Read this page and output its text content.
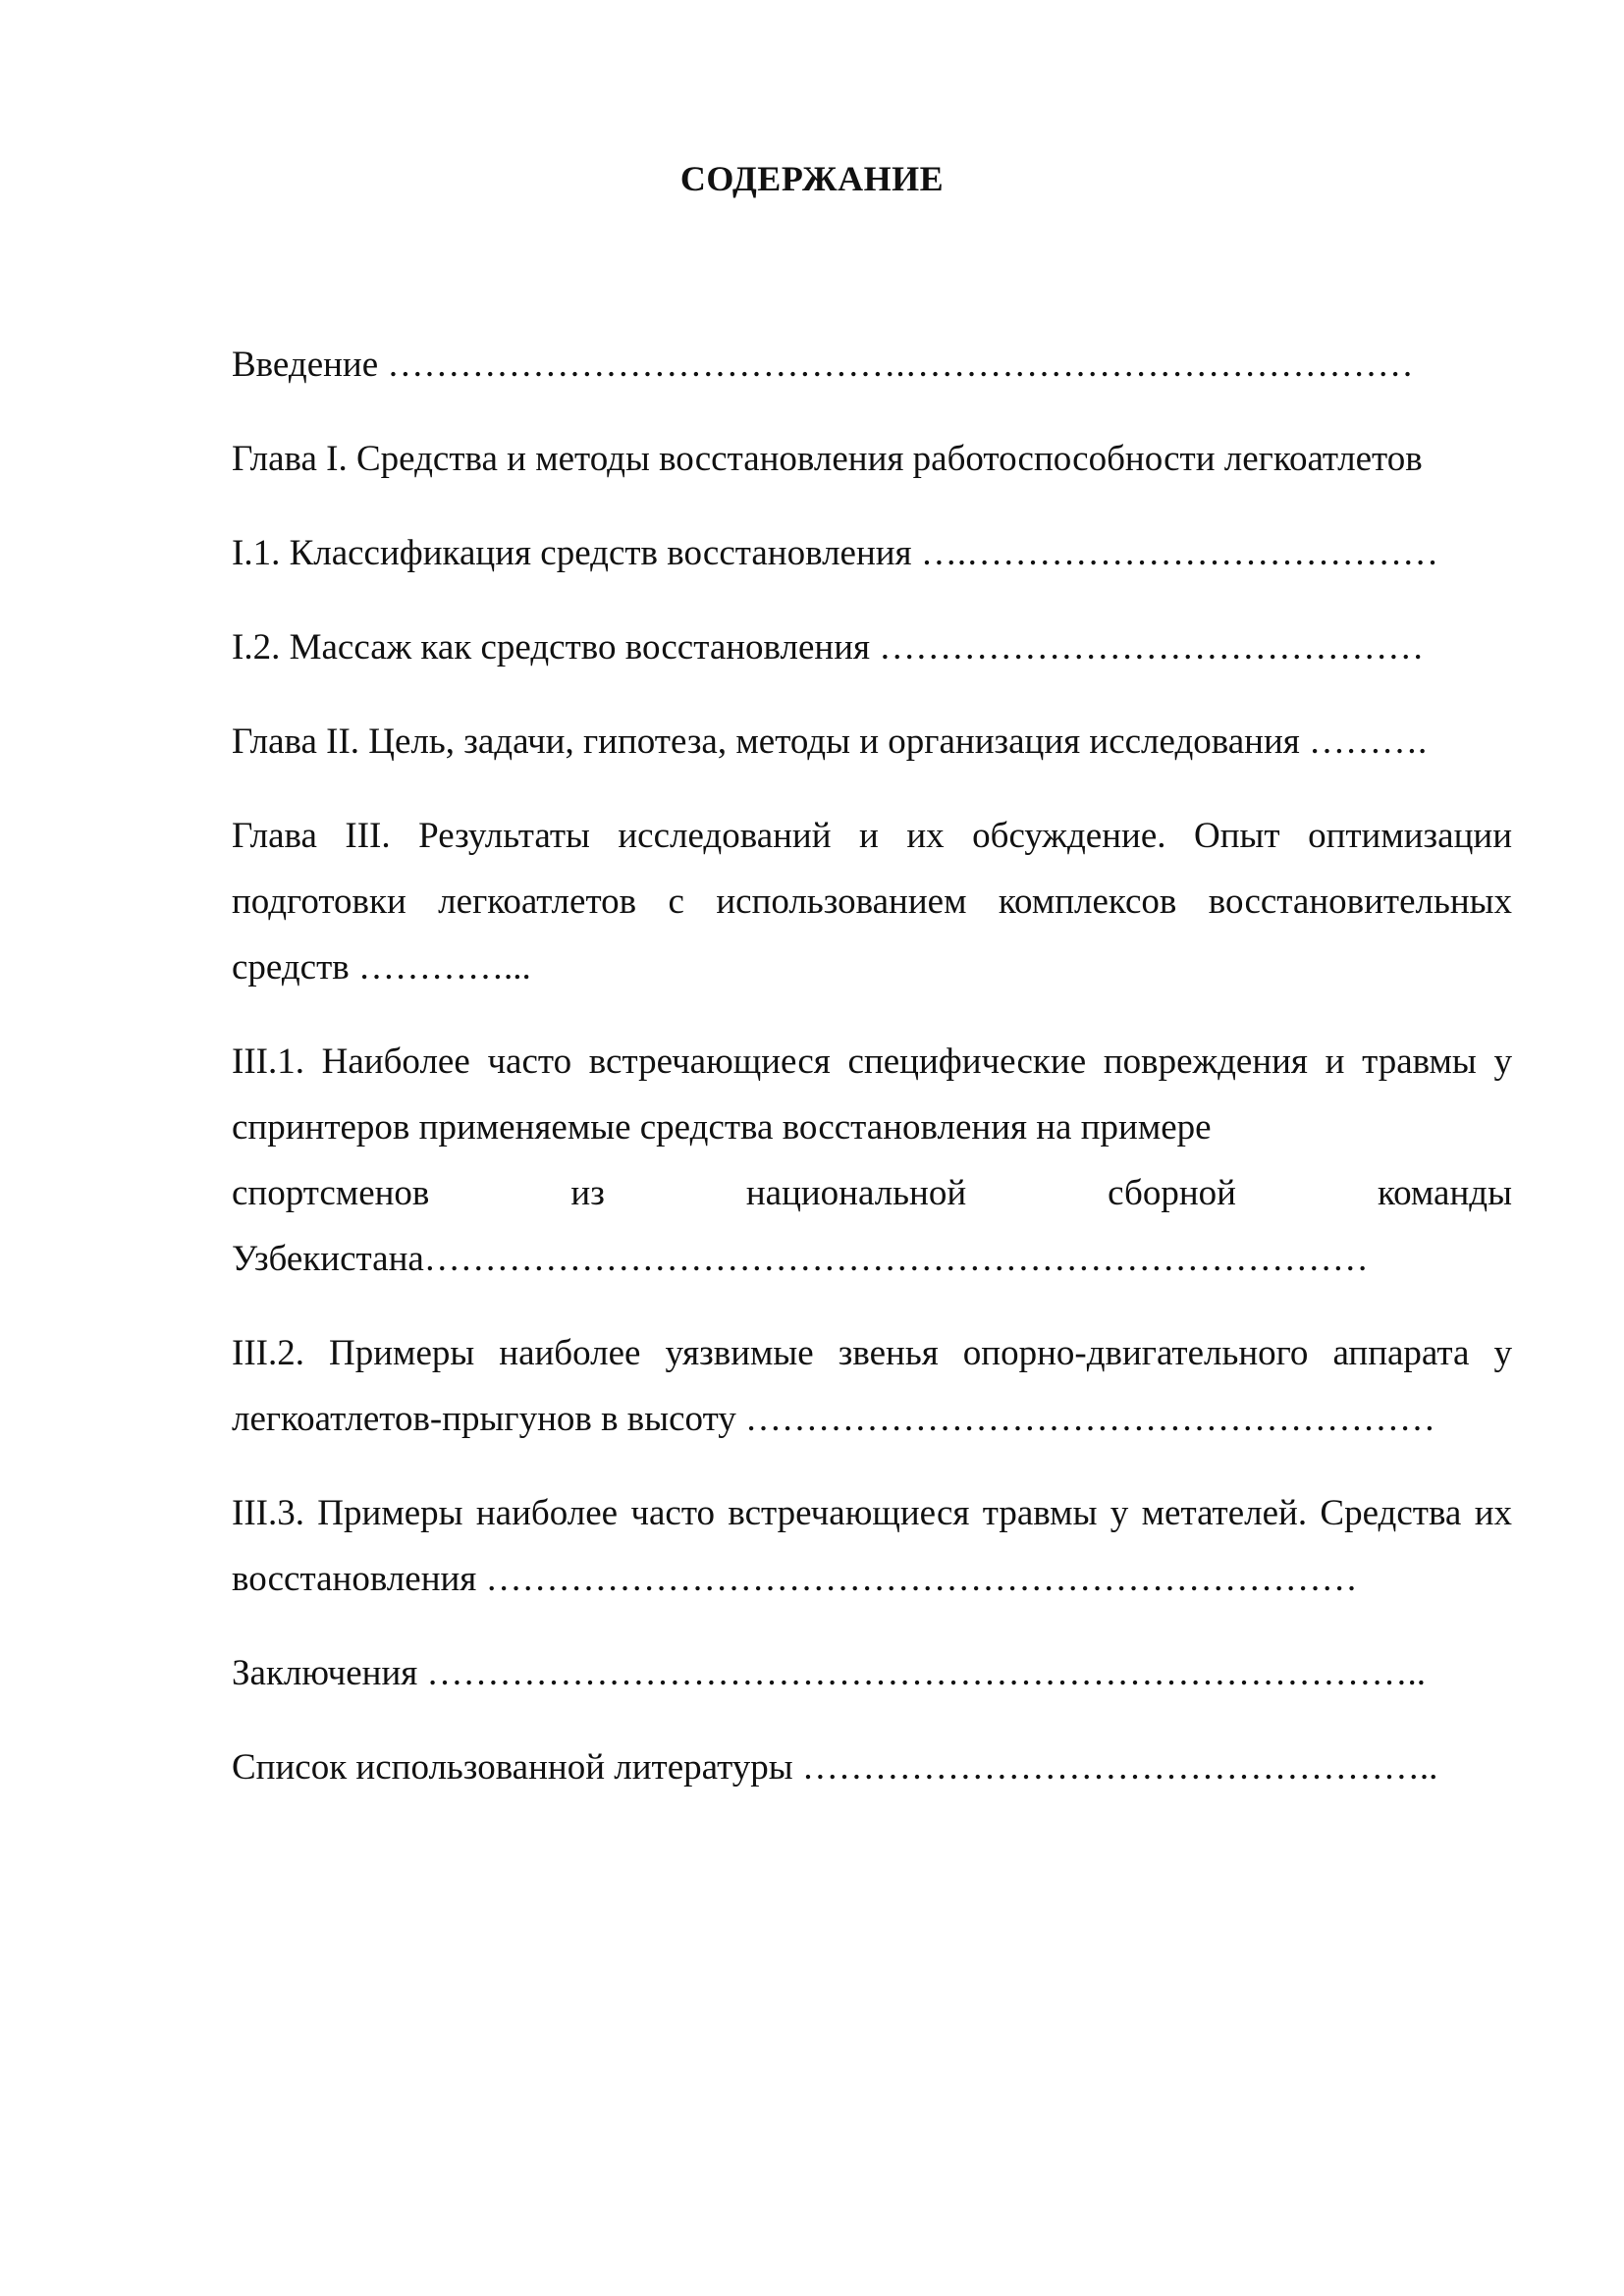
СОДЕРЖАНИЕ

Введение …………………………………….……………………………………

Глава I. Средства и методы восстановления работоспособности легкоатлетов

I.1. Классификация средств восстановления ….…………………………………

I.2. Массаж как средство восстановления ………………………………………

Глава II. Цель, задачи, гипотеза, методы и организация исследования ……….

Глава III. Результаты исследований и их обсуждение. Опыт оптимизации подготовки легкоатлетов с использованием комплексов восстановительных средств …………...

III.1. Наиболее часто встречающиеся специфические повреждения и травмы у спринтеров применяемые средства восстановления на примере
спортсменов	из	национальной	сборной	команды
Узбекистана……………………………………………………………………

III.2. Примеры наиболее уязвимые звенья опорно-двигательного аппарата у легкоатлетов-прыгунов в высоту …………………………………………………

III.3. Примеры наиболее часто встречающиеся травмы у метателей. Средства их восстановления ………………………………………………………………

Заключения ………………………………………………………………………..

Список использованной литературы ……………………………………………..
